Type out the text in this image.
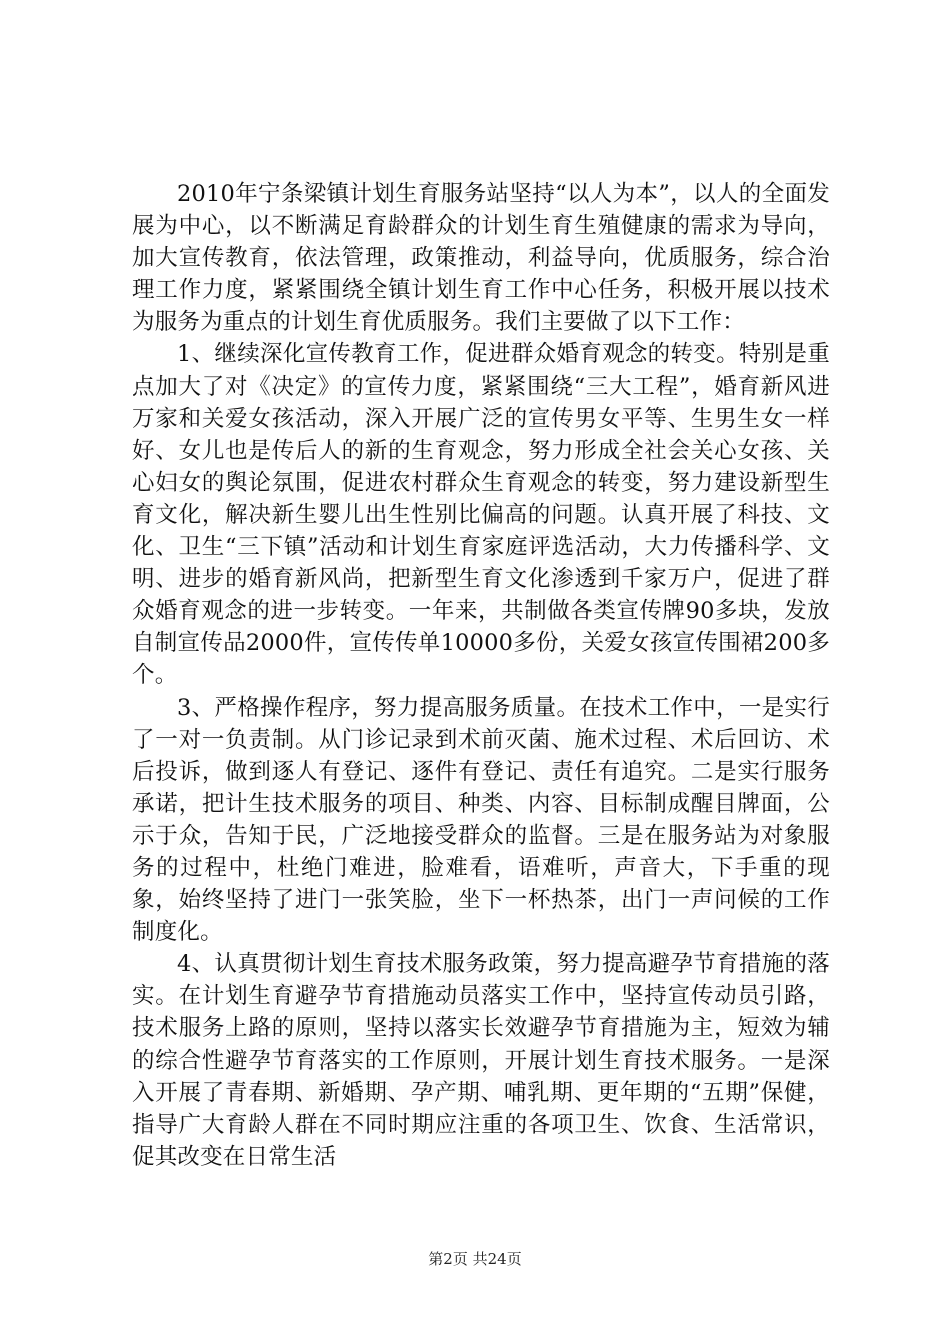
2010年宁条梁镇计划生育服务站坚持“以人为本”，以人的全面发展为中心，以不断满足育龄群众的计划生育生殖健康的需求为导向，加大宣传教育，依法管理，政策推动，利益导向，优质服务，综合治理工作力度，紧紧围绕全镇计划生育工作中心任务，积极开展以技术为服务为重点的计划生育优质服务。我们主要做了以下工作：

1、继续深化宣传教育工作，促进群众婚育观念的转变。特别是重点加大了对《决定》的宣传力度，紧紧围绕“三大工程”，婚育新风进万家和关爱女孩活动，深入开展广泛的宣传男女平等、生男生女一样好、女儿也是传后人的新的生育观念，努力形成全社会关心女孩、关心妇女的舆论氛围，促进农村群众生育观念的转变，努力建设新型生育文化，解决新生婴儿出生性别比偏高的问题。认真开展了科技、文化、卫生“三下镇”活动和计划生育家庭评选活动，大力传播科学、文明、进步的婚育新风尚，把新型生育文化渗透到千家万户，促进了群众婚育观念的进一步转变。一年来，共制做各类宣传牌90多块，发放自制宣传品2000件，宣传传单10000多份，关爱女孩宣传围裙200多个。

3、严格操作程序，努力提高服务质量。在技术工作中，一是实行了一对一负责制。从门诊记录到术前灭菌、施术过程、术后回访、术后投诉，做到逐人有登记、逐件有登记、责任有追究。二是实行服务承诺，把计生技术服务的项目、种类、内容、目标制成醒目牌面，公示于众，告知于民，广泛地接受群众的监督。三是在服务站为对象服务的过程中，杜绝门难进，脸难看，语难听，声音大，下手重的现象，始终坚持了进门一张笑脸，坐下一杯热茶，出门一声问候的工作制度化。

4、认真贯彻计划生育技术服务政策，努力提高避孕节育措施的落实。在计划生育避孕节育措施动员落实工作中，坚持宣传动员引路，技术服务上路的原则，坚持以落实长效避孕节育措施为主，短效为辅的综合性避孕节育落实的工作原则，开展计划生育技术服务。一是深入开展了青春期、新婚期、孕产期、哺乳期、更年期的“五期”保健，指导广大育龄人群在不同时期应注重的各项卫生、饮食、生活常识，促其改变在日常生活

第2页 共24页
